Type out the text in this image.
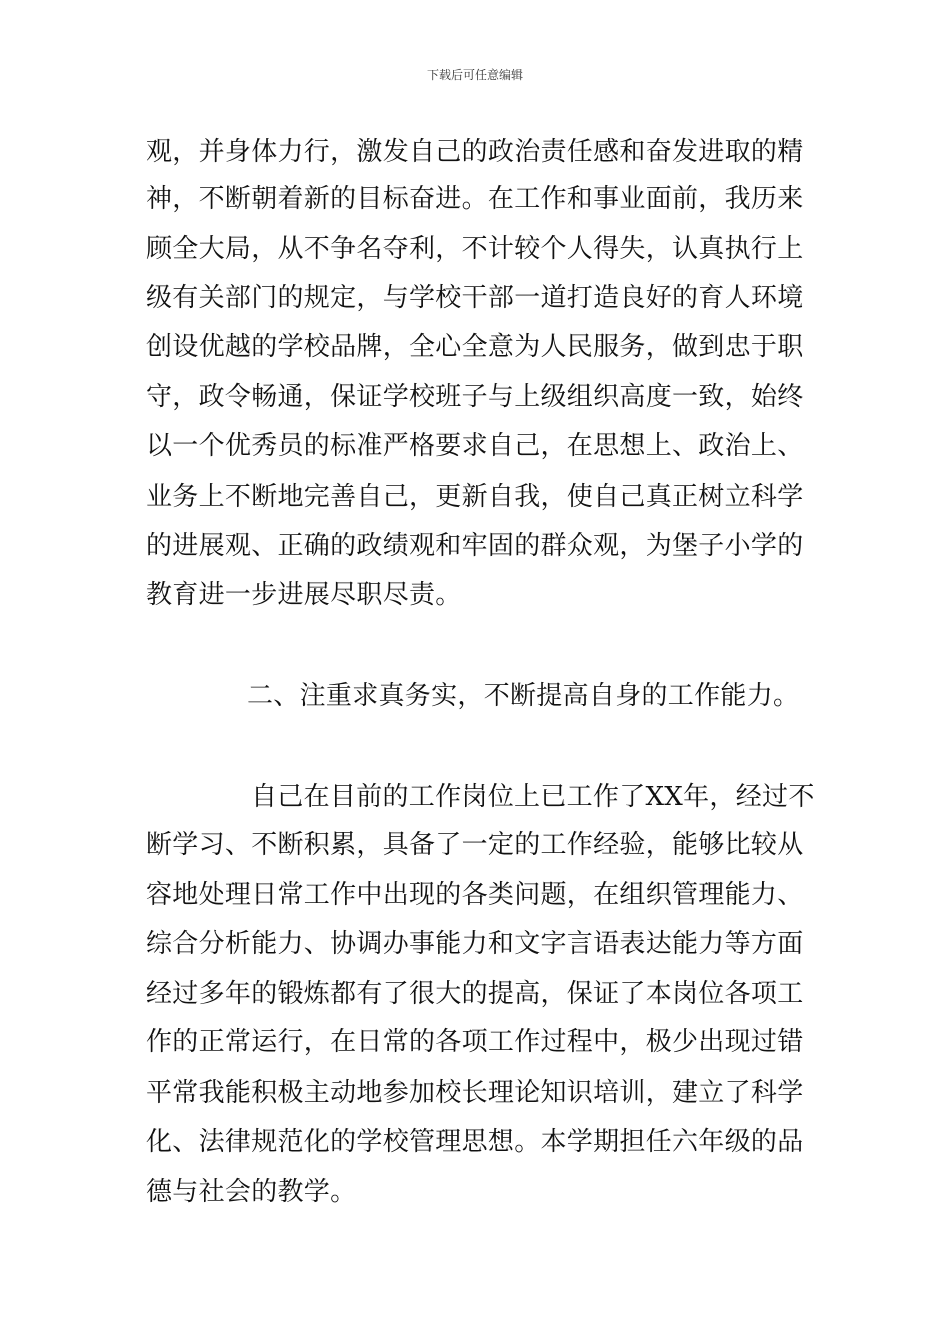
下载后可任意编辑
观，并身体力行，激发自己的政治责任感和奋发进取的精
神，不断朝着新的目标奋进。在工作和事业面前，我历来
顾全大局，从不争名夺利，不计较个人得失，认真执行上
级有关部门的规定，与学校干部一道打造良好的育人环境
创设优越的学校品牌，全心全意为人民服务，做到忠于职
守，政令畅通，保证学校班子与上级组织高度一致，始终
以一个优秀员的标准严格要求自己，在思想上、政治上、
业务上不断地完善自己，更新自我，使自己真正树立科学
的进展观、正确的政绩观和牢固的群众观，为堡子小学的
教育进一步进展尽职尽责。
二、注重求真务实，不断提高自身的工作能力。
自己在目前的工作岗位上已工作了XX年，经过不
断学习、不断积累，具备了一定的工作经验，能够比较从
容地处理日常工作中出现的各类问题，在组织管理能力、
综合分析能力、协调办事能力和文字言语表达能力等方面
经过多年的锻炼都有了很大的提高，保证了本岗位各项工
作的正常运行，在日常的各项工作过程中，极少出现过错
平常我能积极主动地参加校长理论知识培训，建立了科学
化、法律规范化的学校管理思想。本学期担任六年级的品
德与社会的教学。
